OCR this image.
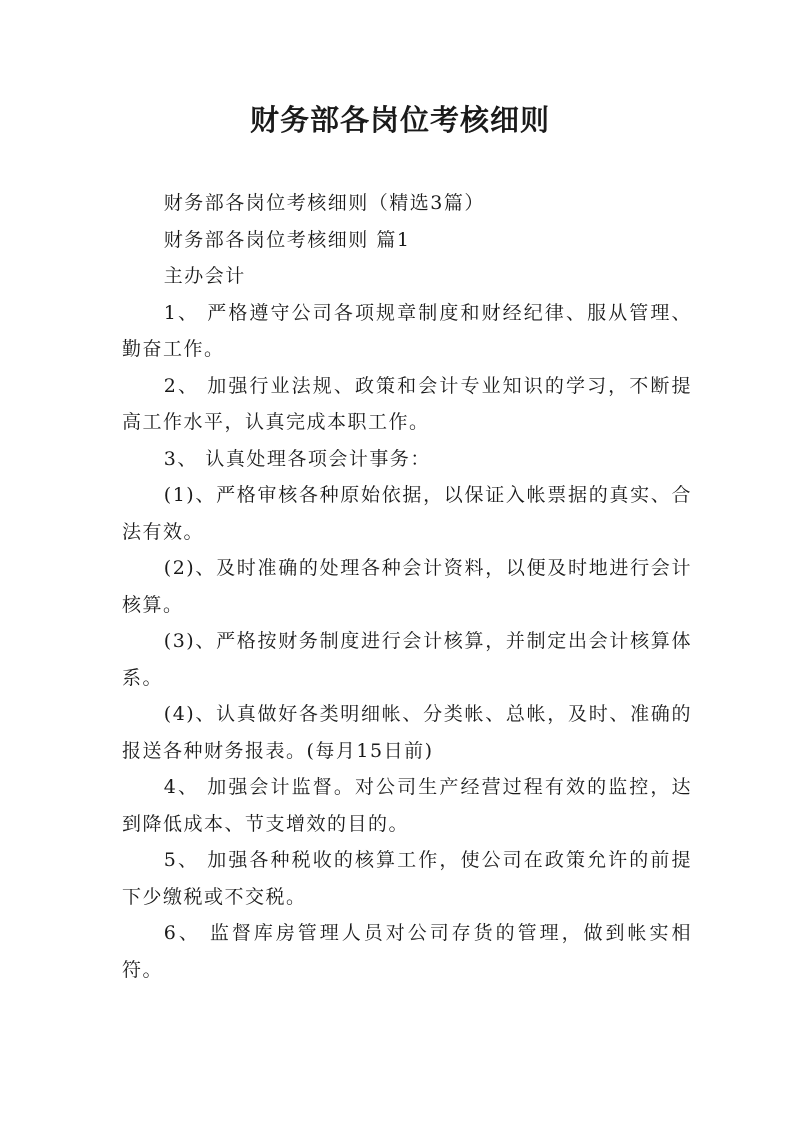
财务部各岗位考核细则

财务部各岗位考核细则（精选3篇）

财务部各岗位考核细则 篇1

主办会计

1、 严格遵守公司各项规章制度和财经纪律、服从管理、勤奋工作。

2、 加强行业法规、政策和会计专业知识的学习，不断提高工作水平，认真完成本职工作。

3、 认真处理各项会计事务：

(1)、严格审核各种原始依据，以保证入帐票据的真实、合法有效。

(2)、及时准确的处理各种会计资料，以便及时地进行会计核算。

(3)、严格按财务制度进行会计核算，并制定出会计核算体系。

(4)、认真做好各类明细帐、分类帐、总帐，及时、准确的报送各种财务报表。(每月15日前)

4、 加强会计监督。对公司生产经营过程有效的监控，达到降低成本、节支增效的目的。

5、 加强各种税收的核算工作，使公司在政策允许的前提下少缴税或不交税。

6、 监督库房管理人员对公司存货的管理，做到帐实相符。
